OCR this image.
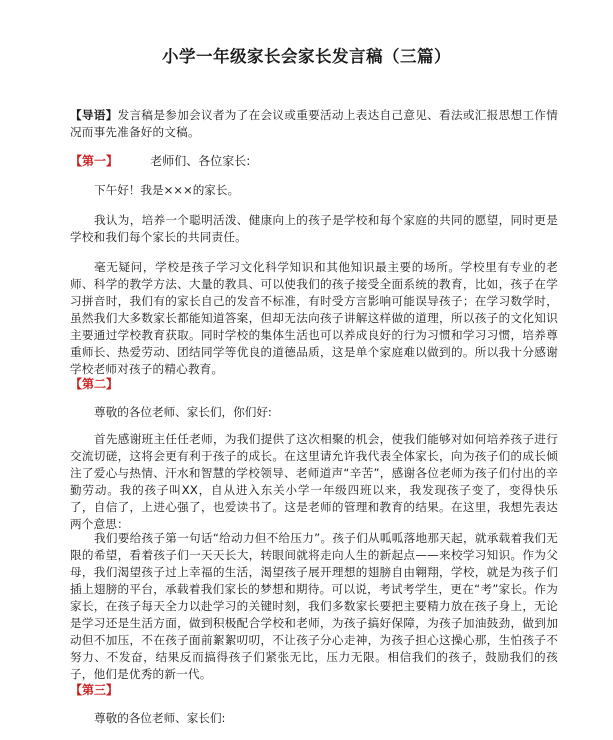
小学一年级家长会家长发言稿（三篇）
【导语】发言稿是参加会议者为了在会议或重要活动上表达自己意见、看法或汇报思想工作情况而事先准备好的文稿。
【第一】	老师们、各位家长:
下午好！我是×××的家长。
我认为，培养一个聪明活泼、健康向上的孩子是学校和每个家庭的共同的愿望，同时更是学校和我们每个家长的共同责任。
毫无疑问，学校是孩子学习文化科学知识和其他知识最主要的场所。学校里有专业的老师、科学的教学方法、大量的教具、可以使我们的孩子接受全面系统的教育，比如，孩子在学习拼音时，我们有的家长自己的发音不标准，有时受方言影响可能误导孩子；在学习数学时，虽然我们大多数家长都能知道答案，但却无法向孩子讲解这样做的道理，所以孩子的文化知识主要通过学校教育获取。同时学校的集体生活也可以养成良好的行为习惯和学习习惯，培养尊重师长、热爱劳动、团结同学等优良的道德品质，这是单个家庭难以做到的。所以我十分感谢学校老师对孩子的精心教育。
【第二】
尊敬的各位老师、家长们，你们好:
首先感谢班主任任老师，为我们提供了这次相聚的机会，使我们能够对如何培养孩子进行交流切磋，这将会更有利于孩子的成长。在这里请允许我代表全体家长，向为孩子们的成长倾注了爱心与热情、汗水和智慧的学校领导、老师道声“辛苦”，感谢各位老师为孩子们付出的辛勤劳动。我的孩子叫XX，自从进入东关小学一年级四班以来，我发现孩子变了，变得快乐了，自信了，上进心强了，也爱读书了。这是老师的管理和教育的结果。在这里，我想先表达两个意思：
我们要给孩子第一句话“给动力但不给压力”。孩子们从呱呱落地那天起，就承载着我们无限的希望，看着孩子们一天天长大，转眼间就将走向人生的新起点——来校学习知识。作为父母，我们渴望孩子过上幸福的生活，渴望孩子展开理想的翅膀自由翱翔，学校，就是为孩子们插上翅膀的平台，承载着我们家长的梦想和期待。可以说，考试考学生，更在“考”家长。作为家长，在孩子每天全力以赴学习的关键时刻，我们多数家长要把主要精力放在孩子身上，无论是学习还是生活方面，做到积极配合学校和老师，为孩子搞好保障，为孩子加油鼓劲，做到加动但不加压，不在孩子面前絮絮叨叨，不让孩子分心走神，为孩子担心这操心那，生怕孩子不努力、不发奋，结果反而搞得孩子们紧张无比，压力无限。相信我们的孩子，鼓励我们的孩子，他们是优秀的新一代。
【第三】
尊敬的各位老师、家长们:
